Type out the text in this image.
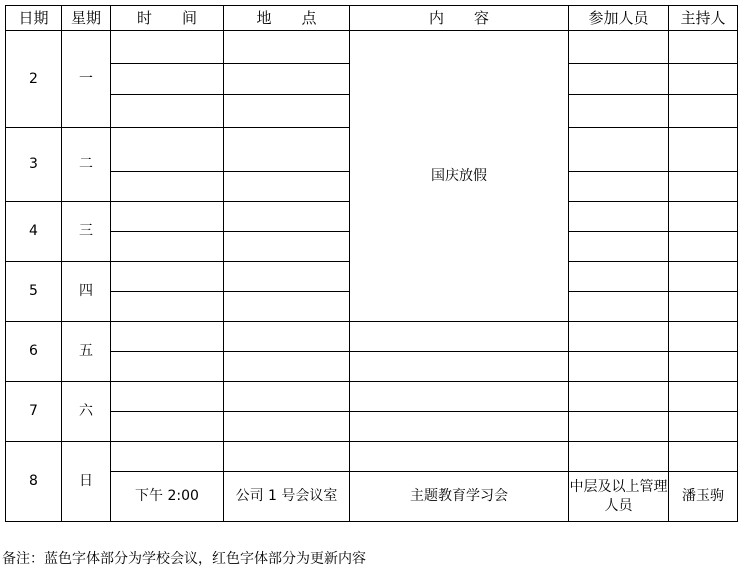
日期	星期	时　　间	地　　点	内　　容	参加人员	主持人
2	一			国庆放假		

3	二					

4	三					

5	四					

6	五					

7	六					

8	日					
		下午 2:00	公司 1 号会议室	主题教育学习会	中层及以上管理人员	潘玉驹
备注：蓝色字体部分为学校会议，红色字体部分为更新内容
